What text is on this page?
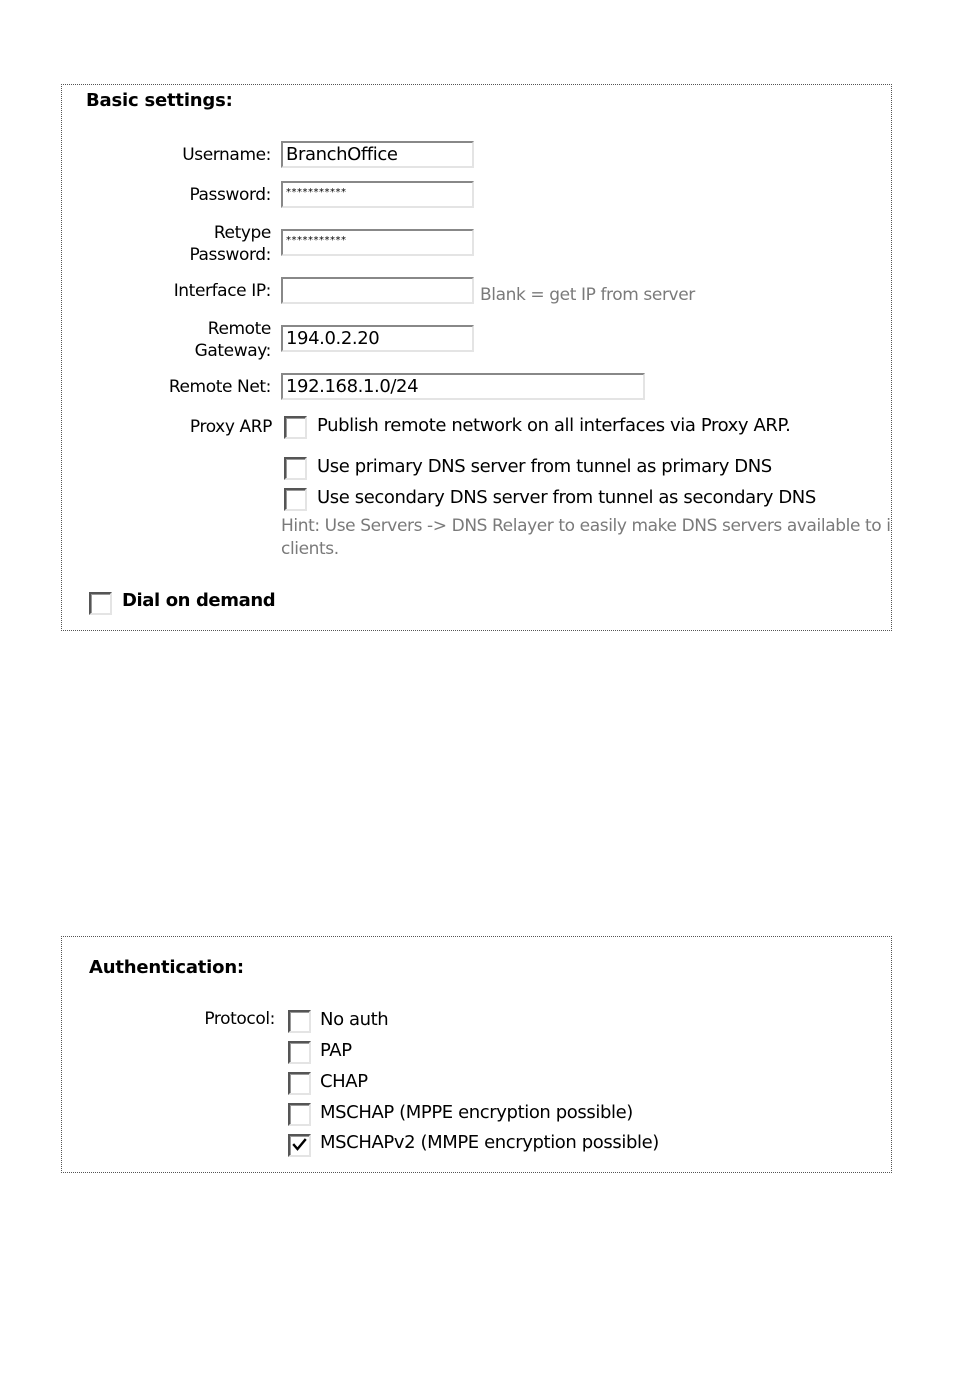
Basic settings:
Username: BranchOffice
Password:	***********
Retype
Password:
***********
Interface IP:	Blank = get IP from server
Remote
Gateway:
194.0.2.20
Remote Net: 192.168.1.0/24
Proxy ARP	Publish remote network on all interfaces via Proxy ARP.
Use primary DNS server from tunnel as primary DNS
Use secondary DNS server from tunnel as secondary DNS
Hint: Use Servers -> DNS Relayer to easily make DNS servers available to i
clients.
Dial on demand
Authentication:
Protocol:	No auth
PAP
CHAP
MSCHAP (MPPE encryption possible)
MSCHAPv2 (MMPE encryption possible)
